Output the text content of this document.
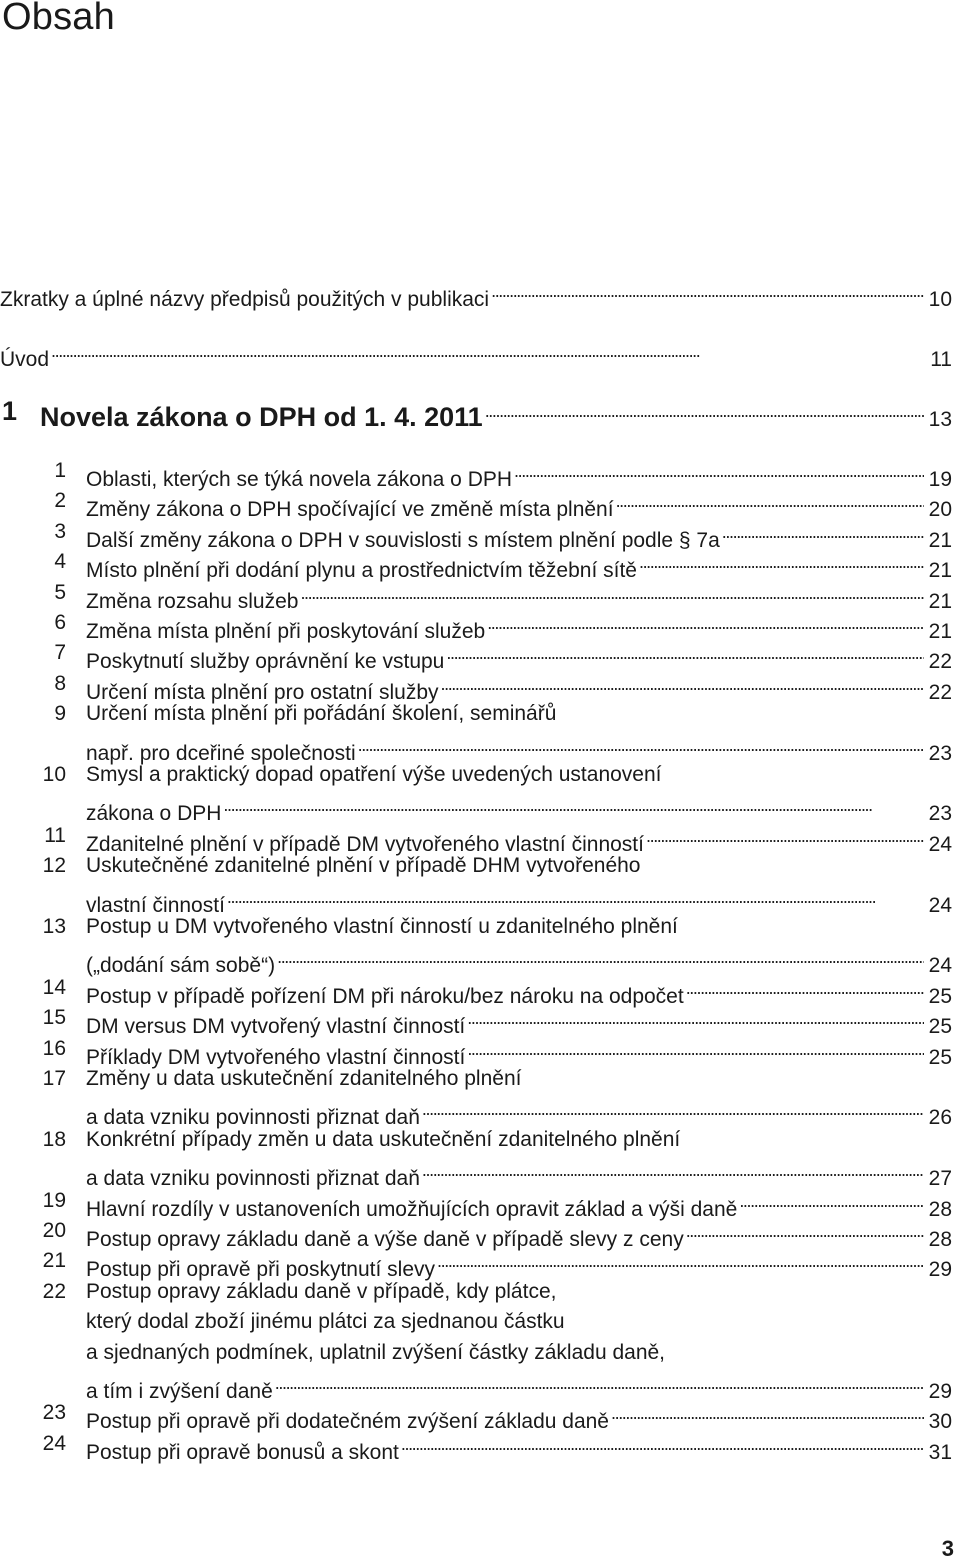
Obsah
Zkratky a úplné názvy předpisů použitých v publikaci . . .	10
Úvod . . .	11
1 Novela zákona o DPH od 1. 4. 2011 . . .	13
1 Oblasti, kterých se týká novela zákona o DPH . . .	19
2 Změny zákona o DPH spočívající ve změně místa plnění . . .	20
3 Další změny zákona o DPH v souvislosti s místem plnění podle § 7a . . .	21
4 Místo plnění při dodání plynu a prostřednictvím těžební sítě . . .	21
5 Změna rozsahu služeb . . .	21
6 Změna místa plnění při poskytování služeb . . .	21
7 Poskytnutí služby oprávnění ke vstupu . . .	22
8 Určení místa plnění pro ostatní služby . . .	22
9 Určení místa plnění při pořádání školení, seminářů
např. pro dceřiné společnosti . . .	23
10 Smysl a praktický dopad opatření výše uvedených ustanovení
zákona o DPH . . .	23
11 Zdanitelné plnění v případě DM vytvořeného vlastní činností . . .	24
12 Uskutečněné zdanitelné plnění v případě DHM vytvořeného
vlastní činností . . .	24
13 Postup u DM vytvořeného vlastní činností u zdanitelného plnění
(„dodání sám sobě“) . . .	24
14 Postup v případě pořízení DM při nároku/bez nároku na odpočet . . .	25
15 DM versus DM vytvořený vlastní činností . . .	25
16 Příklady DM vytvořeného vlastní činností . . .	25
17 Změny u data uskutečnění zdanitelného plnění
a data vzniku povinnosti přiznat daň . . .	26
18 Konkrétní případy změn u data uskutečnění zdanitelného plnění
a data vzniku povinnosti přiznat daň . . .	27
19 Hlavní rozdíly v ustanoveních umožňujících opravit základ a výši daně . . .	28
20 Postup opravy základu daně a výše daně v případě slevy z ceny . . .	28
21 Postup při opravě při poskytnutí slevy . . .	29
22 Postup opravy základu daně v případě, kdy plátce,
který dodal zboží jinému plátci za sjednanou částku
a sjednaných podmínek, uplatnil zvýšení částky základu daně,
a tím i zvýšení daně . . .	29
23 Postup při opravě při dodatečném zvýšení základu daně . . .	30
24 Postup při opravě bonusů a skont . . .	31
3
